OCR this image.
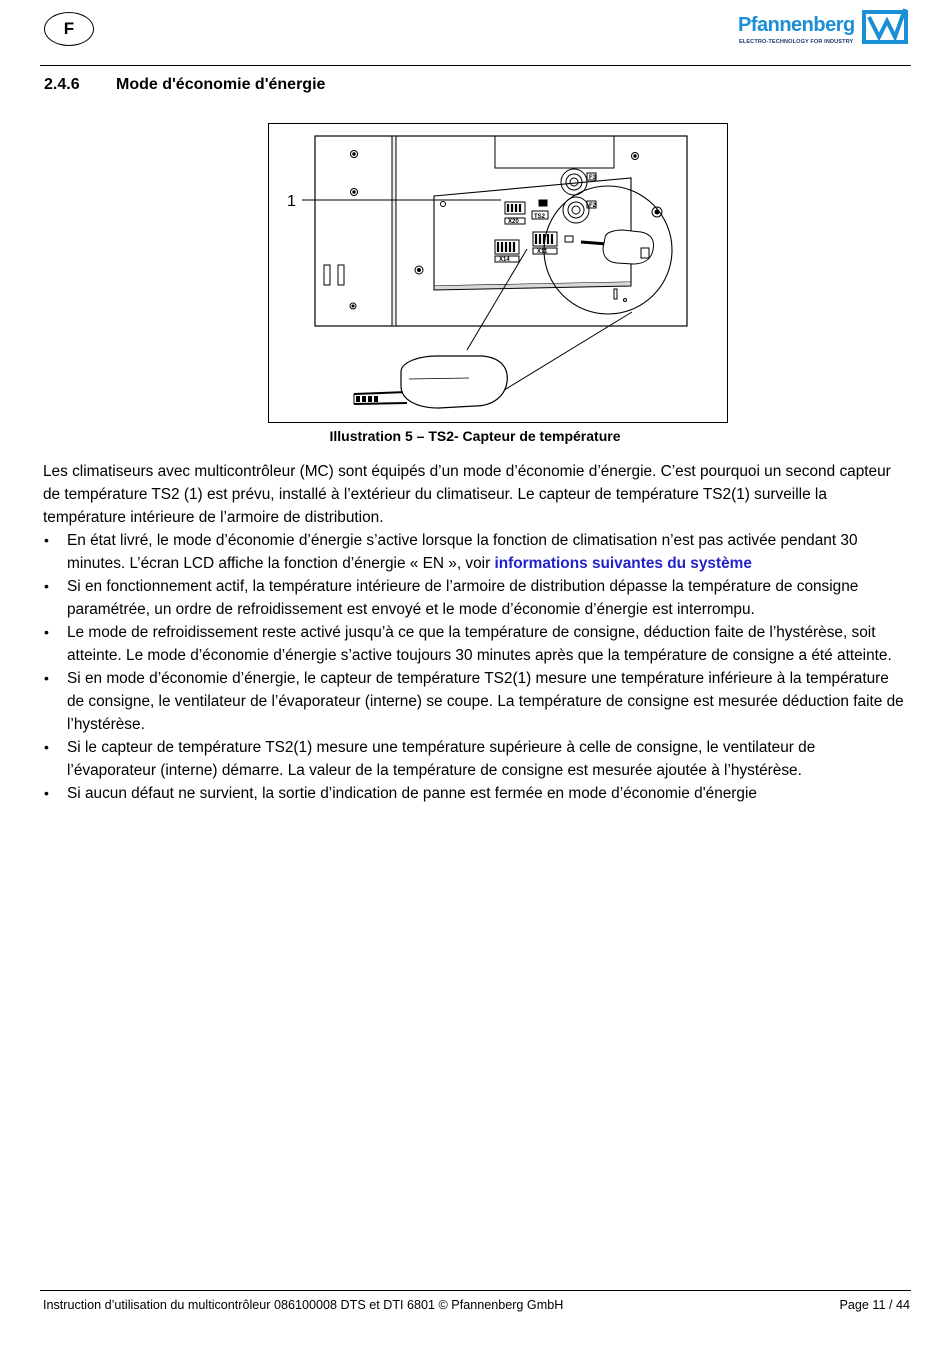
F	Pfannenberg
ELECTRO-TECHNOLOGY FOR INDUSTRY
2.4.6 Mode d'économie d'énergie
F3
F2
X20
TS2
X14
X11
1
Illustration 5 – TS2- Capteur de température

Les climatiseurs avec multicontrôleur (MC) sont équipés d’un mode d’économie d’énergie. C’est pourquoi un second capteur de température TS2 (1) est prévu, installé à l’extérieur du climatiseur. Le capteur de température TS2(1) surveille la température intérieure de l’armoire de distribution.

• En état livré, le mode d’économie d’énergie s’active lorsque la fonction de climatisation n’est pas activée pendant 30 minutes. L’écran LCD affiche la fonction d’énergie « EN », voir informations suivantes du système
• Si en fonctionnement actif, la température intérieure de l’armoire de distribution dépasse la température de consigne paramétrée, un ordre de refroidissement est envoyé et le mode d’économie d’énergie est interrompu.
• Le mode de refroidissement reste activé jusqu’à ce que la température de consigne, déduction faite de l’hystérèse, soit atteinte. Le mode d’économie d’énergie s’active toujours 30 minutes après que la température de consigne a été atteinte.
• Si en mode d’économie d’énergie, le capteur de température TS2(1) mesure une température inférieure à la température de consigne, le ventilateur de l’évaporateur (interne) se coupe. La température de consigne est mesurée déduction faite de l’hystérèse.
• Si le capteur de température TS2(1) mesure une température supérieure à celle de consigne, le ventilateur de l’évaporateur (interne) démarre. La valeur de la température de consigne est mesurée ajoutée à l’hystérèse.
• Si aucun défaut ne survient, la sortie d’indication de panne est fermée en mode d’économie d'énergie
Instruction d’utilisation du multicontrôleur 086100008 DTS et DTI 6801 © Pfannenberg GmbH	Page 11 / 44
